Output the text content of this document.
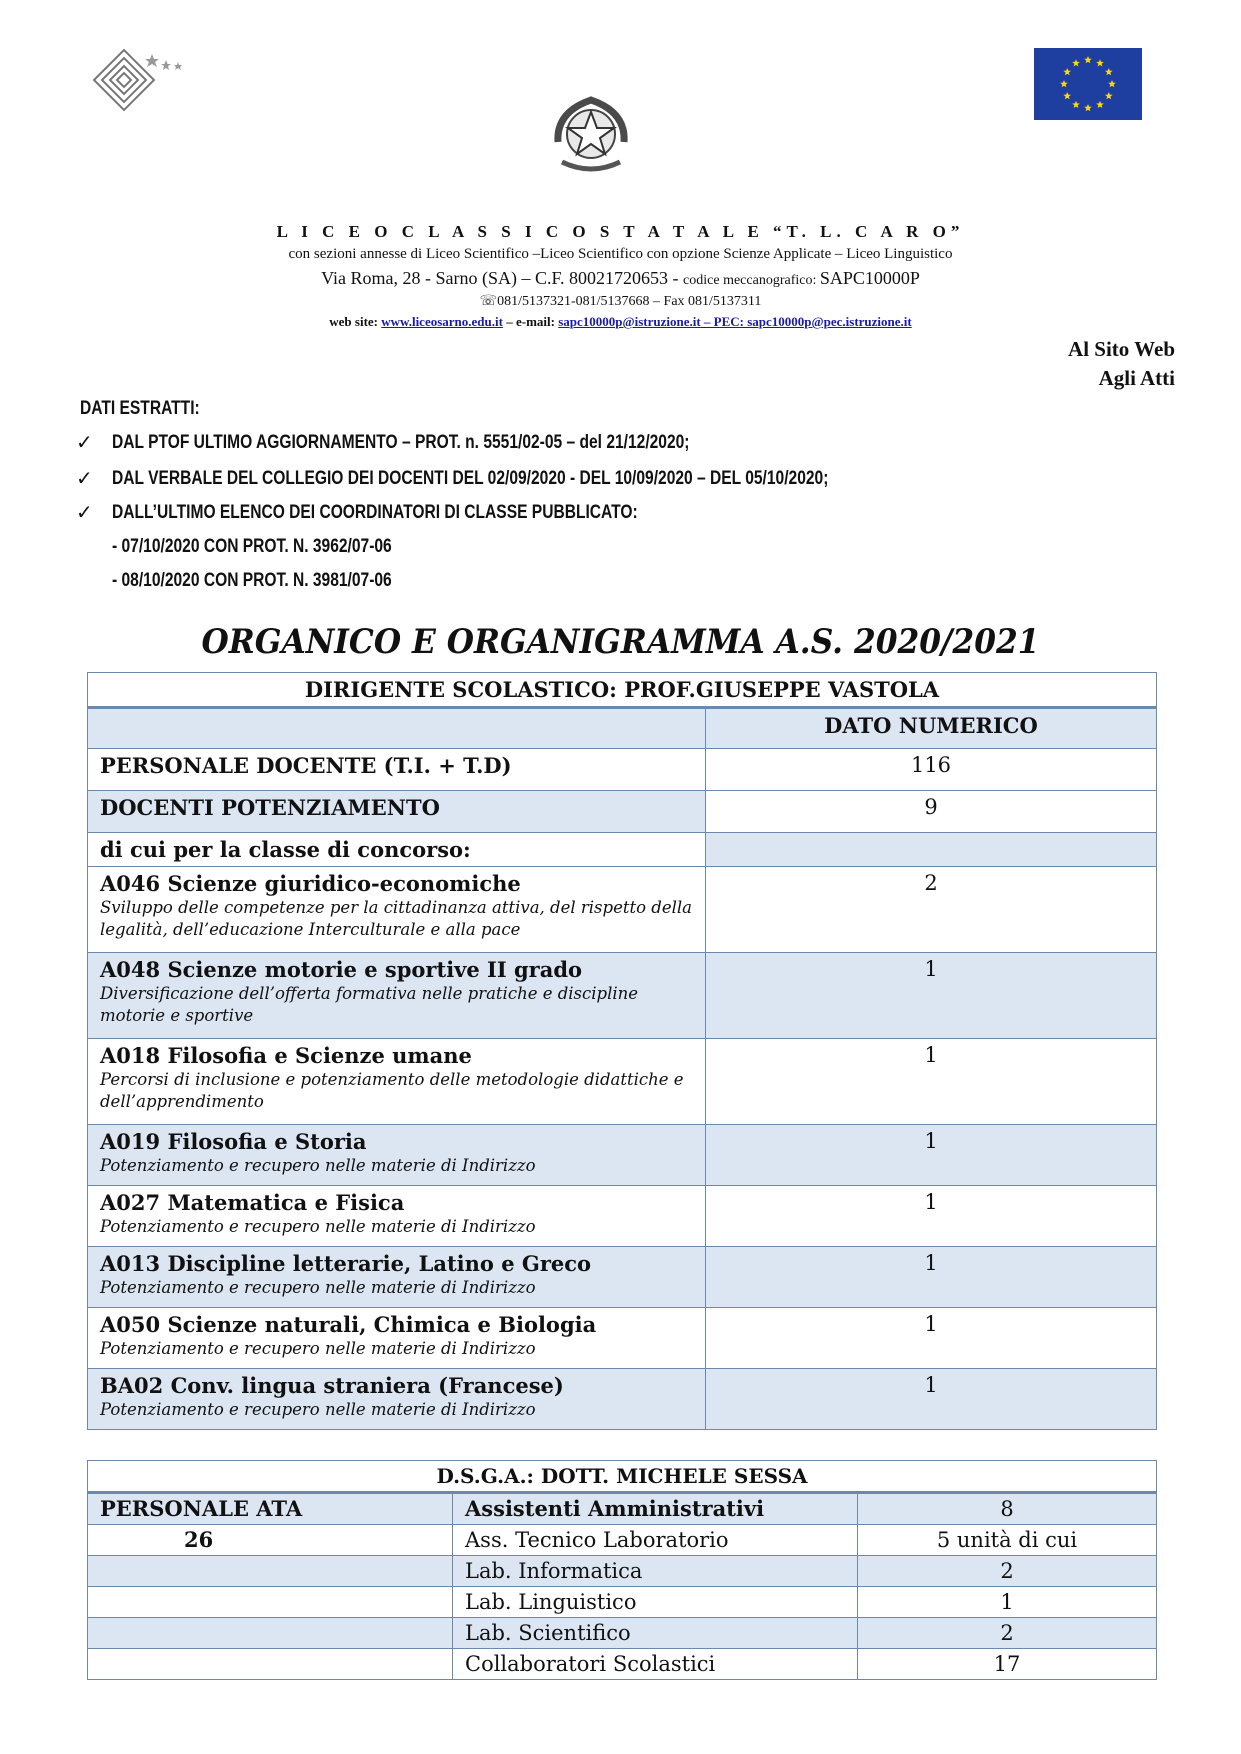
L I C E O C L A S S I C O S T A T A L E “T. L. C A R O”
con sezioni annesse di Liceo Scientifico –Liceo Scientifico con opzione Scienze Applicate – Liceo Linguistico
Via Roma, 28 - Sarno (SA) – C.F. 80021720653 - codice meccanografico: SAPC10000P
☏081/5137321-081/5137668 – Fax 081/5137311
web site: www.liceosarno.edu.it – e-mail: sapc10000p@istruzione.it – PEC: sapc10000p@pec.istruzione.it
Al Sito Web
Agli Atti
DATI ESTRATTI:
✓ DAL PTOF ULTIMO AGGIORNAMENTO – PROT. n. 5551/02-05 – del 21/12/2020;
✓ DAL VERBALE DEL COLLEGIO DEI DOCENTI DEL 02/09/2020 - DEL 10/09/2020 – DEL 05/10/2020;
✓ DALL’ULTIMO ELENCO DEI COORDINATORI DI CLASSE PUBBLICATO:
- 07/10/2020 CON PROT. N. 3962/07-06
- 08/10/2020 CON PROT. N. 3981/07-06
ORGANICO E ORGANIGRAMMA A.S. 2020/2021
DIRIGENTE SCOLASTICO: PROF.GIUSEPPE VASTOLA	
	DATO NUMERICO
PERSONALE DOCENTE (T.I. + T.D)	116
DOCENTI POTENZIAMENTO	9
di cui per la classe di concorso:	

A046 Scienze giuridico-economiche
Sviluppo delle competenze per la cittadinanza attiva, del rispetto della legalità, dell’educazione Interculturale e alla pace	2

A048 Scienze motorie e sportive II grado
Diversificazione dell’offerta formativa nelle pratiche e discipline motorie e sportive	1

A018 Filosofia e Scienze umane
Percorsi di inclusione e potenziamento delle metodologie didattiche e dell’apprendimento	1

A019 Filosofia e Storia
Potenziamento e recupero nelle materie di Indirizzo	1

A027 Matematica e Fisica
Potenziamento e recupero nelle materie di Indirizzo	1

A013 Discipline letterarie, Latino e Greco
Potenziamento e recupero nelle materie di Indirizzo	1

A050 Scienze naturali, Chimica e Biologia
Potenziamento e recupero nelle materie di Indirizzo	1

BA02 Conv. lingua straniera (Francese)
Potenziamento e recupero nelle materie di Indirizzo	1
D.S.G.A.: DOTT. MICHELE SESSA		
PERSONALE ATA	Assistenti Amministrativi	8
26	Ass. Tecnico Laboratorio	5 unità di cui
	Lab. Informatica	2
	Lab. Linguistico	1
	Lab. Scientifico	2
	Collaboratori Scolastici	17
